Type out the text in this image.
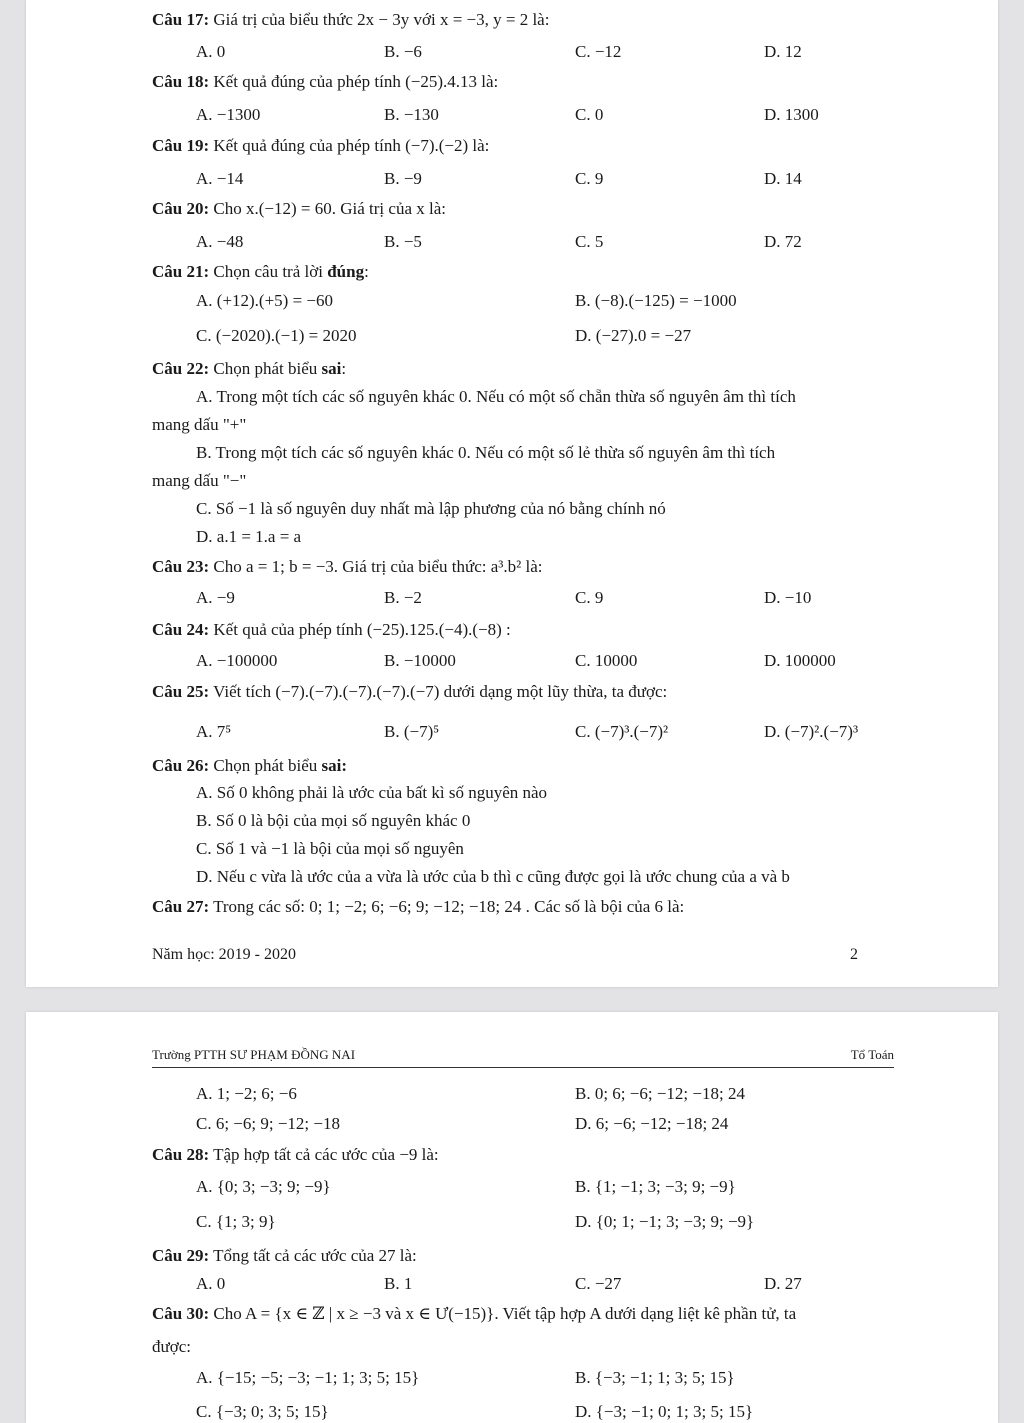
Câu 17: Giá trị của biểu thức 2x − 3y với x = −3, y = 2 là:
A. 0	B. −6	C. −12	D. 12
Câu 18: Kết quả đúng của phép tính (−25).4.13 là:
A. −1300	B. −130	C. 0	D. 1300
Câu 19: Kết quả đúng của phép tính (−7).(−2) là:
A. −14	B. −9	C. 9	D. 14
Câu 20: Cho x.(−12) = 60. Giá trị của x là:
A. −48	B. −5	C. 5	D. 72
Câu 21: Chọn câu trả lời đúng:
A. (+12).(+5) = −60	B. (−8).(−125) = −1000
C. (−2020).(−1) = 2020	D. (−27).0 = −27
Câu 22: Chọn phát biểu sai:
A. Trong một tích các số nguyên khác 0. Nếu có một số chẵn thừa số nguyên âm thì tích
mang dấu "+"
B. Trong một tích các số nguyên khác 0. Nếu có một số lẻ thừa số nguyên âm thì tích
mang dấu "−"
C. Số −1 là số nguyên duy nhất mà lập phương của nó bằng chính nó
D. a.1 = 1.a = a
Câu 23: Cho a = 1; b = −3. Giá trị của biểu thức: a³.b² là:
A. −9	B. −2	C. 9	D. −10
Câu 24: Kết quả của phép tính (−25).125.(−4).(−8) :
A. −100000	B. −10000	C. 10000	D. 100000
Câu 25: Viết tích (−7).(−7).(−7).(−7).(−7) dưới dạng một lũy thừa, ta được:
A. 7⁵	B. (−7)⁵	C. (−7)³.(−7)²	D. (−7)².(−7)³
Câu 26: Chọn phát biểu sai:
A. Số 0 không phải là ước của bất kì số nguyên nào
B. Số 0 là bội của mọi số nguyên khác 0
C. Số 1 và −1 là bội của mọi số nguyên
D. Nếu c vừa là ước của a vừa là ước của b thì c cũng được gọi là ước chung của a và b
Câu 27: Trong các số: 0; 1; −2; 6; −6; 9; −12; −18; 24 . Các số là bội của 6 là:
Năm học: 2019 - 2020	2
Trường PTTH SƯ PHẠM ĐỒNG NAI	Tổ Toán
A. 1; −2; 6; −6	B. 0; 6; −6; −12; −18; 24
C. 6; −6; 9; −12; −18	D. 6; −6; −12; −18; 24
Câu 28: Tập hợp tất cả các ước của −9 là:
A. {0; 3; −3; 9; −9}	B. {1; −1; 3; −3; 9; −9}
C. {1; 3; 9}	D. {0; 1; −1; 3; −3; 9; −9}
Câu 29: Tổng tất cả các ước của 27 là:
A. 0	B. 1	C. −27	D. 27
Câu 30: Cho A = {x ∈ ℤ | x ≥ −3 và x ∈ Ư(−15)}. Viết tập hợp A dưới dạng liệt kê phần tử, ta
được:
A. {−15; −5; −3; −1; 1; 3; 5; 15}	B. {−3; −1; 1; 3; 5; 15}
C. {−3; 0; 3; 5; 15}	D. {−3; −1; 0; 1; 3; 5; 15}
